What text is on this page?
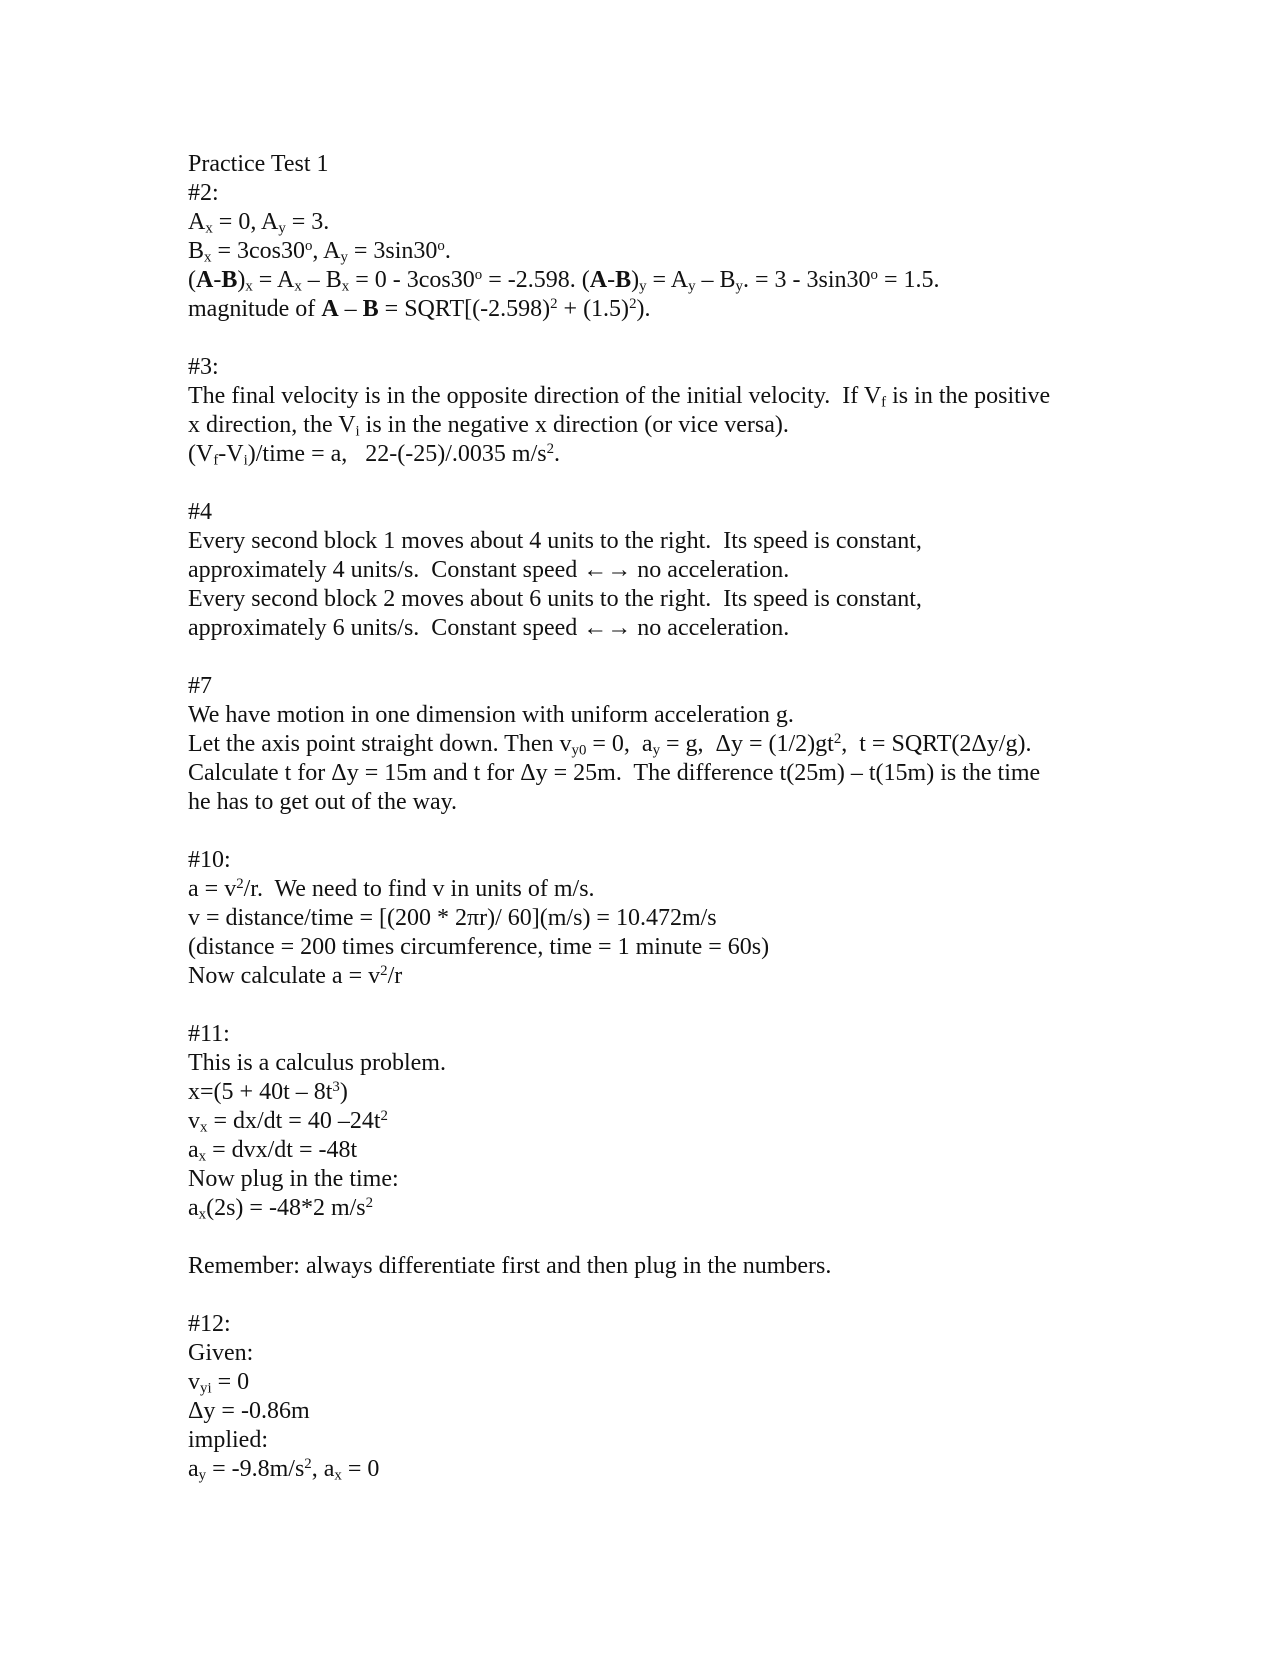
Practice Test 1
#2:
$A_x = 0$, $A_y = 3$.
$B_x = 3\cos 30^o$, $A_y = 3\sin 30^o$.
$(A-B)_x = A_x - B_x = 0 - 3\cos 30^o = -2.598$. $(A-B)_y = A_y - B_y$. = $3 - 3\sin 30^o = 1.5$.
magnitude of $A - B = SQRT[(-2.598)^2 + (1.5)^2)$.
#3:
The final velocity is in the opposite direction of the initial velocity.  If $V_f$ is in the positive
x direction, the $V_i$ is in the negative x direction (or vice versa).
$(V_f-V_i)$/time = a,   22-(-25)/.0035 $m/s^2$.
#4
Every second block 1 moves about 4 units to the right.  Its speed is constant,
approximately 4 units/s.  Constant speed ←→ no acceleration.
Every second block 2 moves about 6 units to the right.  Its speed is constant,
approximately 6 units/s.  Constant speed ←→ no acceleration.
#7
We have motion in one dimension with uniform acceleration g.
Let the axis point straight down. Then $v_{y0} = 0$,  $a_y = g$,  $\Delta y = (1/2)gt^2$,  t = SQRT(2Δy/g).
Calculate t for Δy = 15m and t for Δy = 25m.  The difference t(25m) – t(15m) is the time
he has to get out of the way.
#10:
$a = v^2/r$.  We need to find v in units of m/s.
v = distance/time = [(200 * 2πr)/ 60](m/s) = 10.472m/s
(distance = 200 times circumference, time = 1 minute = 60s)
Now calculate $a = v^2/r$
#11:
This is a calculus problem.
$x=(5 + 40t - 8t^3)$
$v_x = dx/dt = 40$ $-24t^2$
$a_x = dvx/dt = -48t$
Now plug in the time:
$a_x(2s) = -48*2$ $m/s^2$
Remember: always differentiate first and then plug in the numbers.
#12:
Given:
$v_{yi} = 0$
Δy = -0.86m
implied:
$a_y = -9.8m/s^2$, $a_x = 0$
